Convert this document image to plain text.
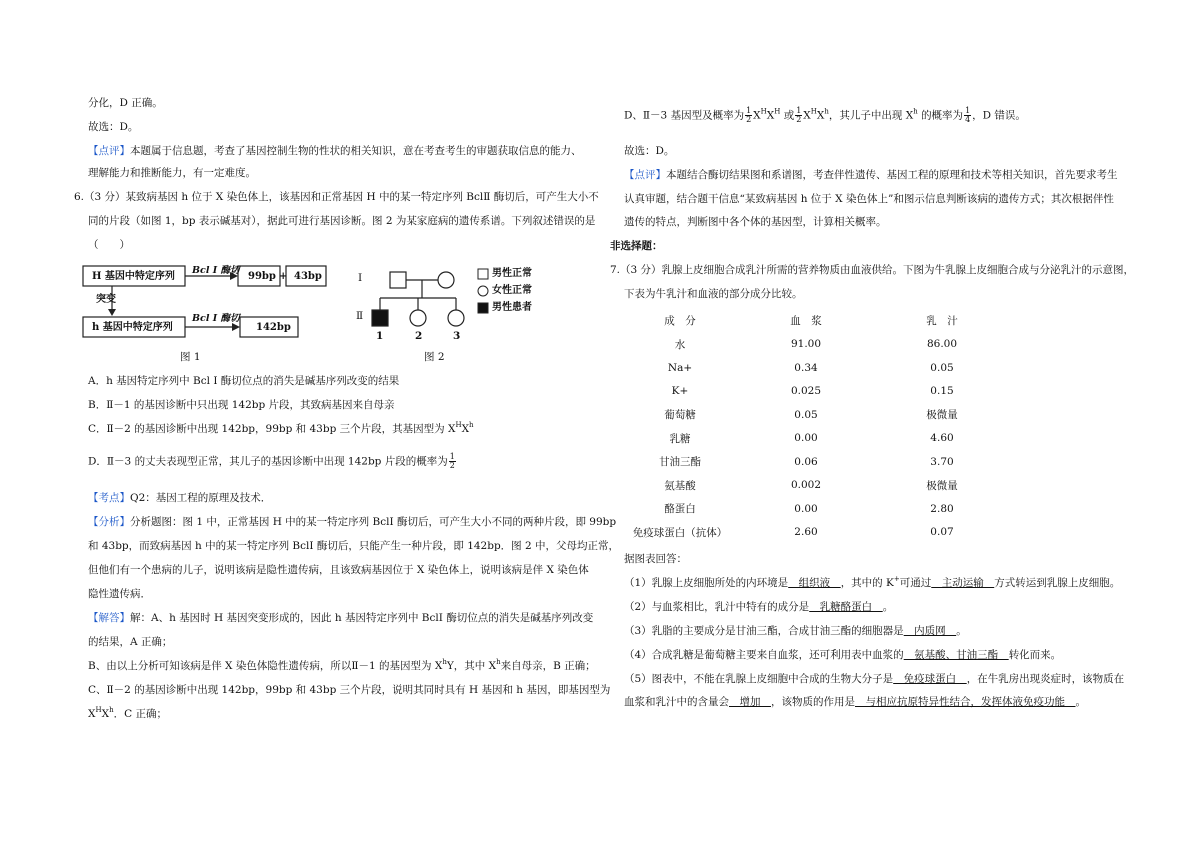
分化，D 正确。
故选：D。
【点评】本题属于信息题，考查了基因控制生物的性状的相关知识，意在考查考生的审题获取信息的能力、
理解能力和推断能力，有一定难度。
6.（3 分）某致病基因 h 位于 X 染色体上，该基因和正常基因 H 中的某一特定序列 BclⅡ 酶切后，可产生大小不
同的片段（如图 1，bp 表示碱基对），据此可进行基因诊断。图 2 为某家庭病的遗传系谱。下列叙述错误的是
（　　）
H 基因中特定序列
Bcl Ⅰ 酶切
99bp + 43bp
突变
h 基因中特定序列
Bcl Ⅰ 酶切
142bp
图 1
Ⅰ
Ⅱ
1	2	3
男性正常
女性正常
男性患者
图 2
A．h 基因特定序列中 Bcl Ⅰ 酶切位点的消失是碱基序列改变的结果
B．Ⅱ－1 的基因诊断中只出现 142bp 片段，其致病基因来自母亲
C．Ⅱ－2 的基因诊断中出现 142bp，99bp 和 43bp 三个片段，其基因型为 $X^HX^h$
D．Ⅱ－3 的丈夫表现型正常，其儿子的基因诊断中出现 142bp 片段的概率为 $\frac{1}{2}$
【考点】Q2：基因工程的原理及技术．
【分析】分析题图：图 1 中，正常基因 H 中的某一特定序列 BclI 酶切后，可产生大小不同的两种片段，即 99bp
和 43bp，而致病基因 h 中的某一特定序列 BclI 酶切后，只能产生一种片段，即 142bp．图 2 中，父母均正常，
但他们有一个患病的儿子，说明该病是隐性遗传病，且该致病基因位于 X 染色体上，说明该病是伴 X 染色体
隐性遗传病．
【解答】解：A、h 基因时 H 基因突变形成的，因此 h 基因特定序列中 BclI 酶切位点的消失是碱基序列改变
的结果，A 正确；
B、由以上分析可知该病是伴 X 染色体隐性遗传病，所以Ⅱ－1 的基因型为 $X^hY$，其中 $X^h$来自母亲，B 正确；
C、Ⅱ－2 的基因诊断中出现 142bp，99bp 和 43bp 三个片段，说明其同时具有 H 基因和 h 基因，即基因型为
$X^HX^h$．C 正确；
D、Ⅱ－3 基因型及概率为 $\frac{1}{2} X^HX^H$ 或 $\frac{1}{2} X^HX^h$，其儿子中出现 $X^h$ 的概率为 $\frac{1}{4}$ ，D 错误。
故选：D。
【点评】本题结合酶切结果图和系谱图，考查伴性遗传、基因工程的原理和技术等相关知识，首先要求考生
认真审题，结合题干信息“某致病基因 h 位于 X 染色体上”和图示信息判断该病的遗传方式；其次根据伴性
遗传的特点，判断图中各个体的基因型，计算相关概率。
非选择题：
7.（3 分）乳腺上皮细胞合成乳汁所需的营养物质由血液供给。下图为牛乳腺上皮细胞合成与分泌乳汁的示意图，
下表为牛乳汁和血液的部分成分比较。
成　分	血　浆	乳　汁
水	91.00	86.00
Na+	0.34	0.05
K+	0.025	0.15
葡萄糖	0.05	极微量
乳糖	0.00	4.60
甘油三酯	0.06	3.70
氨基酸	0.002	极微量
酪蛋白	0.00	2.80
免疫球蛋白（抗体）	2.60	0.07
据图表回答：
（1）乳腺上皮细胞所处的内环境是　组织液　，其中的 K+可通过　主动运输　方式转运到乳腺上皮细胞。
（2）与血浆相比，乳汁中特有的成分是　乳糖酪蛋白　。
（3）乳脂的主要成分是甘油三酯，合成甘油三酯的细胞器是　内质网　。
（4）合成乳糖是葡萄糖主要来自血浆，还可利用表中血浆的　氨基酸、甘油三酯　转化而来。
（5）图表中，不能在乳腺上皮细胞中合成的生物大分子是　免疫球蛋白　，在牛乳房出现炎症时，该物质在
血浆和乳汁中的含量会　增加　，该物质的作用是　与相应抗原特异性结合，发挥体液免疫功能　。
